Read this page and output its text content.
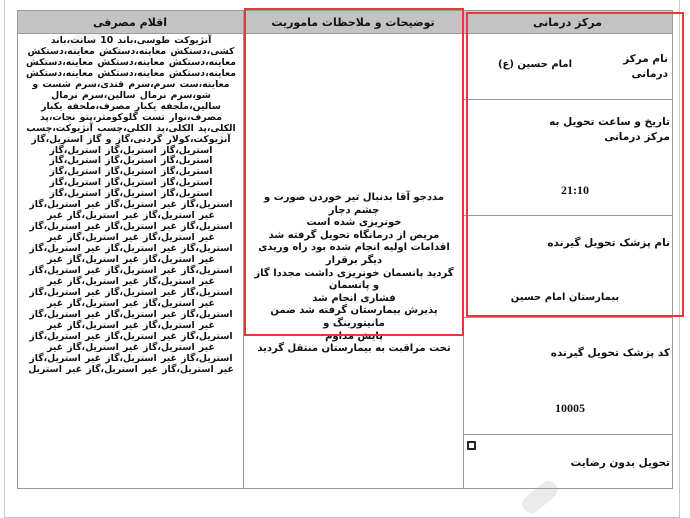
اقلام مصرفی	توضیحات و ملاحظات ماموریت	مرکز درمانی
آنژیوکت طوسی،باند 10 سانت،باند کشی،دستکش معاینه،دستکش معاینه،دستکش معاینه،دستکش معاینه،دستکش معاینه،دستکش معاینه،دستکش معاینه،دستکش معاینه،دستکش معاینه،ست سرم،سرم قندی،سرم شست و شو،سرم نرمال سالین،سرم نرمال سالین،ملحفه یکبار مصرف،ملحفه یکبار مصرف،نوار تست گلوکومتر،پتو نجات،پد الکلی،پد الکلی،پد الکلی،چسب آنژیوکت،چسب آنژیوکت،کولار گردنی،گاز و گاز استریل،گاز استریل،گاز استریل،گاز استریل،گاز استریل،گاز استریل،گاز استریل،گاز استریل،گاز استریل،گاز استریل،گاز استریل،گاز استریل،گاز استریل،گاز استریل،گاز استریل،گاز استریل،گاز استریل،گاز غیر استریل،گاز غیر استریل،گاز غیر استریل،گاز غیر استریل،گاز غیر استریل،گاز غیر استریل،گاز غیر استریل،گاز غیر استریل،گاز غیر استریل،گاز غیر استریل،گاز غیر استریل،گاز غیر استریل،گاز غیر استریل،گاز غیر استریل،گاز غیر استریل،گاز غیر استریل،گاز غیر استریل،گاز غیر استریل،گاز غیر استریل،گاز غیر استریل،گاز غیر استریل،گاز غیر استریل،گاز غیر استریل،گاز غیر استریل،گاز غیر استریل،گاز غیر استریل،گاز غیر استریل،گاز غیر استریل،گاز غیر استریل،گاز غیر استریل،گاز غیر استریل،گاز غیر استریل،گاز غیر استریل،گاز غیر استریل،گاز غیر استریل،گاز غیر استریل،گاز غیر استریل،گاز غیر استریل،گاز غیر استریل،گاز غیر استریل
مددجو آقا بدنبال تیر خوردن صورت و چشم دچار
خونریزی شده است
مریض از درمانگاه تحویل گرفته شد
اقدامات اولیه انجام شده بود راه وریدی دیگر برقرار
گردید پانسمان خونریزی داشت مجددا گاز و پانسمان
فشاری انجام شد
پذیرش بیمارستان گرفته شد ضمن مانیتورینگ و
پایش مداوم
تحت مراقبت به بیمارستان منتقل گردید
نام مرکز درمانی
امام حسین (ع)
تاریخ و ساعت تحویل به مرکز درمانی
21:10
نام پزشک تحویل گیرنده
بیمارستان امام حسین
کد پزشک تحویل گیرنده
10005
تحویل بدون رضایت
